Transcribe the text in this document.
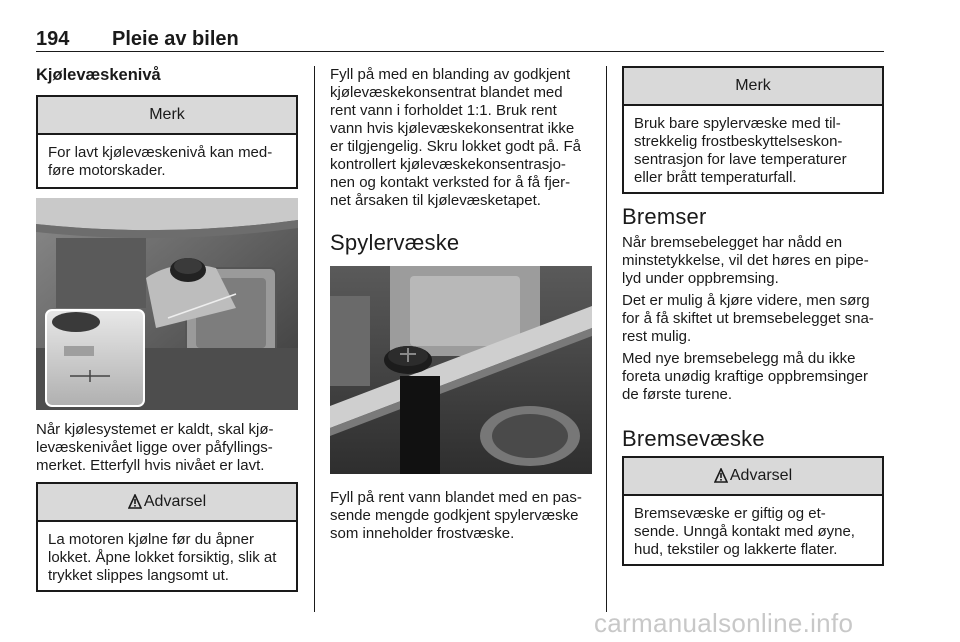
194 Pleie av bilen
Kjølevæskenivå
Merk
For lavt kjølevæskenivå kan med-
føre motorskader.
Når kjølesystemet er kaldt, skal kjø-
levæskenivået ligge over påfyllings-
merket. Etterfyll hvis nivået er lavt.
Advarsel
La motoren kjølne før du åpner
lokket. Åpne lokket forsiktig, slik at
trykket slippes langsomt ut.
Fyll på med en blanding av godkjent
kjølevæskekonsentrat blandet med
rent vann i forholdet 1:1. Bruk rent
vann hvis kjølevæskekonsentrat ikke
er tilgjengelig. Skru lokket godt på. Få
kontrollert kjølevæskekonsentrasjo-
nen og kontakt verksted for å få fjer-
net årsaken til kjølevæsketapet.
Spylervæske
Fyll på rent vann blandet med en pas-
sende mengde godkjent spylervæske
som inneholder frostvæske.
Merk
Bruk bare spylervæske med til-
strekkelig frostbeskyttelseskon-
sentrasjon for lave temperaturer
eller brått temperaturfall.
Bremser
Når bremsebelegget har nådd en
minstetykkelse, vil det høres en pipe-
lyd under oppbremsing.
Det er mulig å kjøre videre, men sørg
for å få skiftet ut bremsebelegget sna-
rest mulig.
Med nye bremsebelegg må du ikke
foreta unødig kraftige oppbremsinger
de første turene.
Bremsevæske
Advarsel
Bremsevæske er giftig og et-
sende. Unngå kontakt med øyne,
hud, tekstiler og lakkerte flater.
carmanualsonline.info
